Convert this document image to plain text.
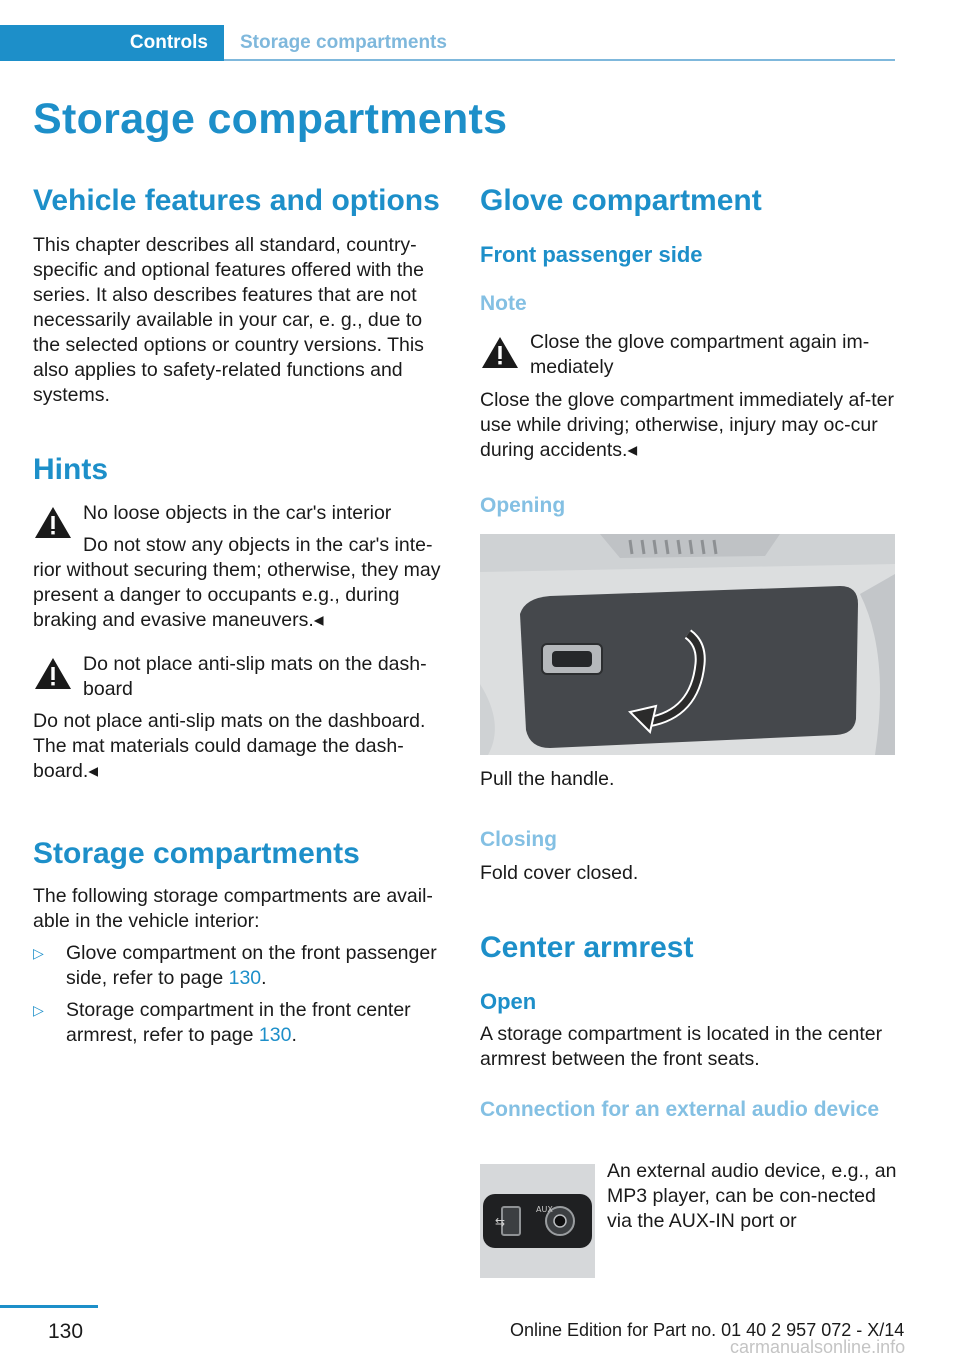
Controls	Storage compartments
Storage compartments
Vehicle features and options
This chapter describes all standard, country-specific and optional features offered with the series. It also describes features that are not necessarily available in your car, e. g., due to the selected options or country versions. This also applies to safety-related functions and systems.
Hints
No loose objects in the car's interior
Do not stow any objects in the car's inte-
rior without securing them; otherwise, they may present a danger to occupants e.g., during braking and evasive maneuvers.◂
Do not place anti-slip mats on the dash-board
Do not place anti-slip mats on the dashboard. The mat materials could damage the dash-board.◂
Storage compartments
The following storage compartments are avail-able in the vehicle interior:
▷ Glove compartment on the front passenger side, refer to page 130.
▷ Storage compartment in the front center armrest, refer to page 130.
Glove compartment
Front passenger side
Note
Close the glove compartment again im-mediately
Close the glove compartment immediately af-ter use while driving; otherwise, injury may oc-cur during accidents.◂
Opening
Pull the handle.
Closing
Fold cover closed.
Center armrest
Open
A storage compartment is located in the center armrest between the front seats.
Connection for an external audio device
⇆
AUX
An external audio device, e.g., an MP3 player, can be con-nected via the AUX-IN port or
130	Online Edition for Part no. 01 40 2 957 072 - X/14
carmanualsonline.info
